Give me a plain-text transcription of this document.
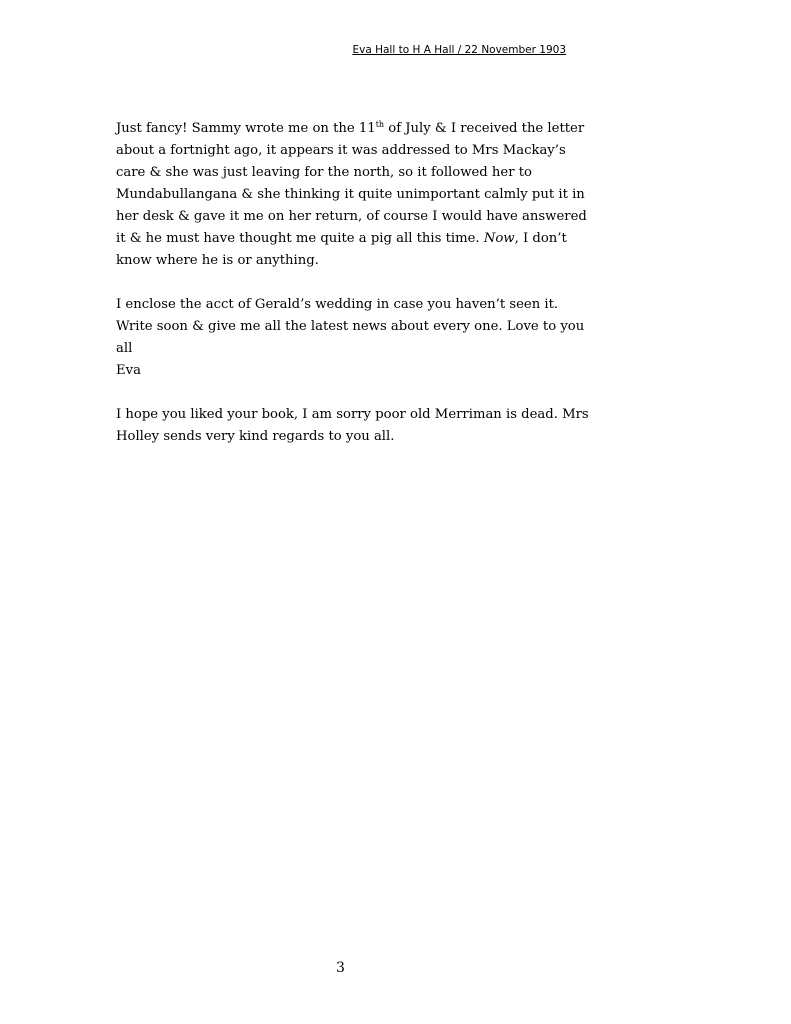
Eva Hall to H A Hall / 22 November 1903

Just fancy! Sammy wrote me on the 11th of July & I received the letter
about a fortnight ago, it appears it was addressed to Mrs Mackay’s
care & she was just leaving for the north, so it followed her to
Mundabullangana & she thinking it quite unimportant calmly put it in
her desk & gave it me on her return, of course I would have answered
it & he must have thought me quite a pig all this time. Now, I don’t
know where he is or anything.

I enclose the acct of Gerald’s wedding in case you haven’t seen it.
Write soon & give me all the latest news about every one. Love to you
all
Eva

I hope you liked your book, I am sorry poor old Merriman is dead. Mrs
Holley sends very kind regards to you all.

3
